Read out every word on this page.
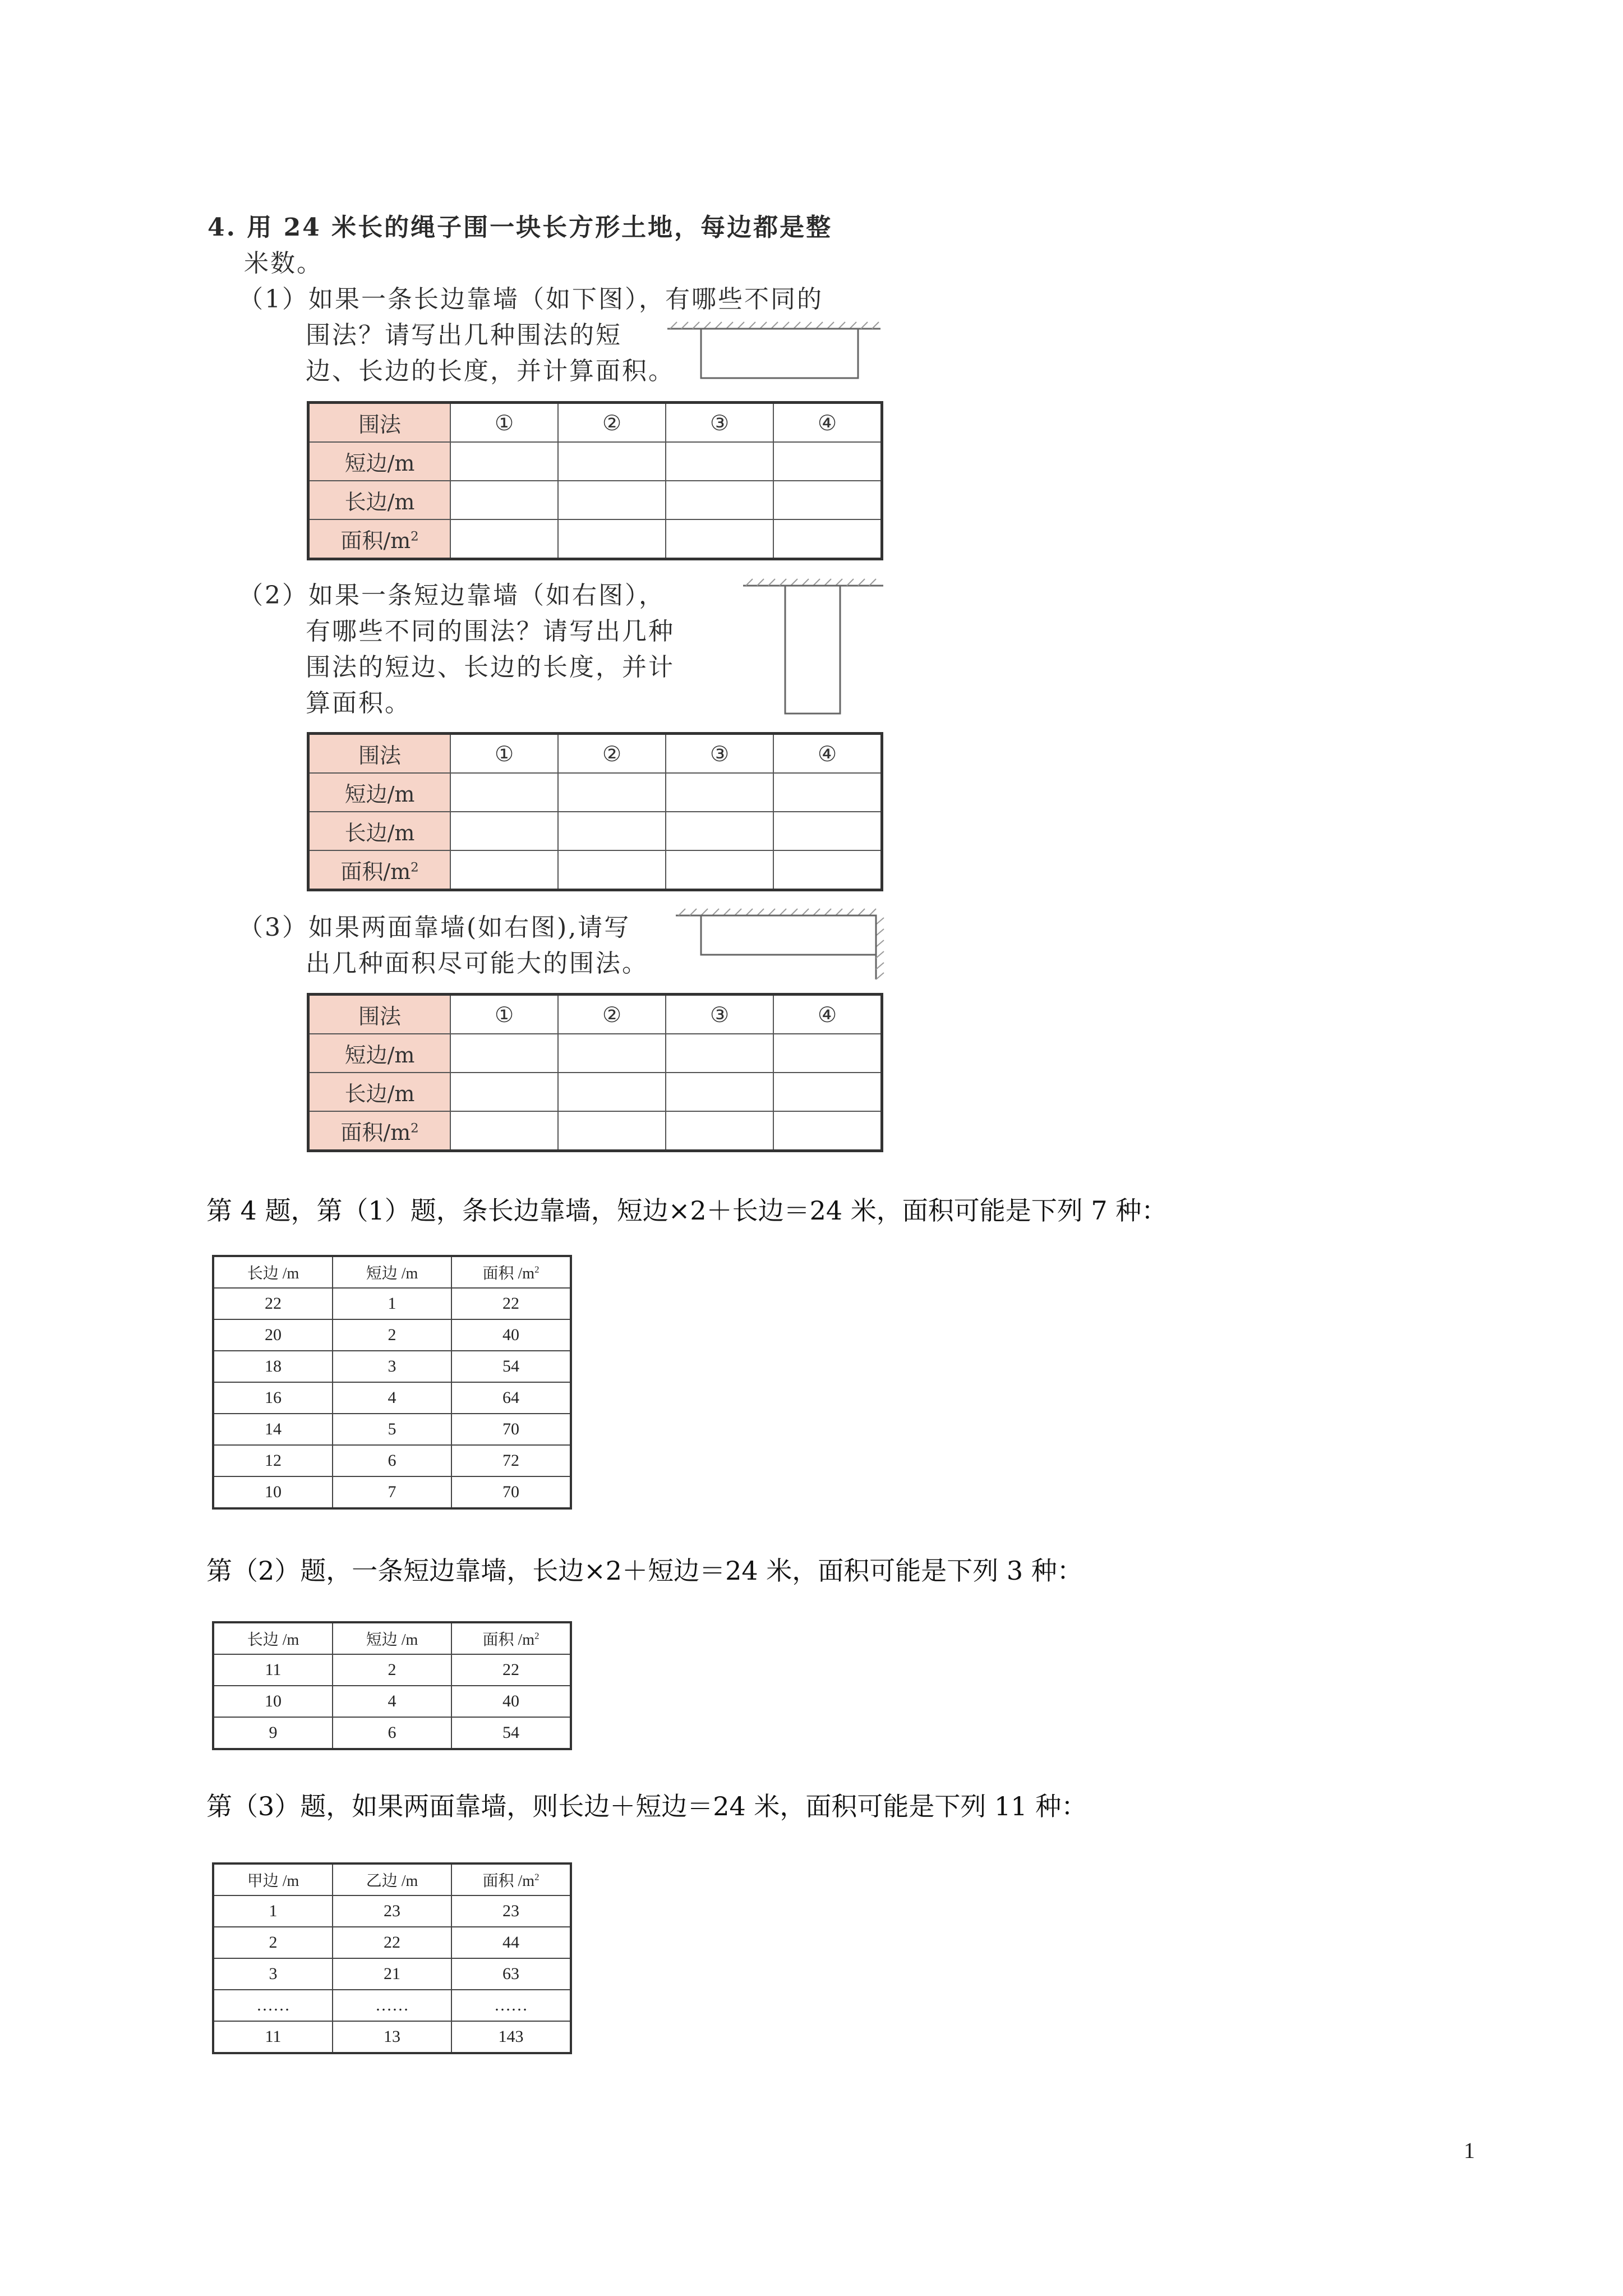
4. 用 24 米长的绳子围一块长方形土地，每边都是整
米数。
（1）如果一条长边靠墙（如下图），有哪些不同的
围法？请写出几种围法的短
边、长边的长度，并计算面积。
围法	①	②	③	④
短边/m				
长边/m				
面积$/m^2$				
（2）如果一条短边靠墙（如右图），
有哪些不同的围法？请写出几种
围法的短边、长边的长度，并计
算面积。
围法	①	②	③	④
短边/m				
长边/m				
面积$/m^2$				
（3）如果两面靠墙(如右图),请写
出几种面积尽可能大的围法。
围法	①	②	③	④
短边/m				
长边/m				
面积$/m^2$				
第 4 题，第（1）题，条长边靠墙，短边×2＋长边＝24 米，面积可能是下列 7 种：
长边 /m	短边 /m	面积 $/m^2$
22	1	22
20	2	40
18	3	54
16	4	64
14	5	70
12	6	72
10	7	70
第（2）题，一条短边靠墙，长边×2＋短边＝24 米，面积可能是下列 3 种：
长边 /m	短边 /m	面积 $/m^2$
11	2	22
10	4	40
9	6	54
第（3）题，如果两面靠墙，则长边＋短边＝24 米，面积可能是下列 11 种：
甲边 /m	乙边 /m	面积 $/m^2$
1	23	23
2	22	44
3	21	63
……	……	……
11	13	143
1
